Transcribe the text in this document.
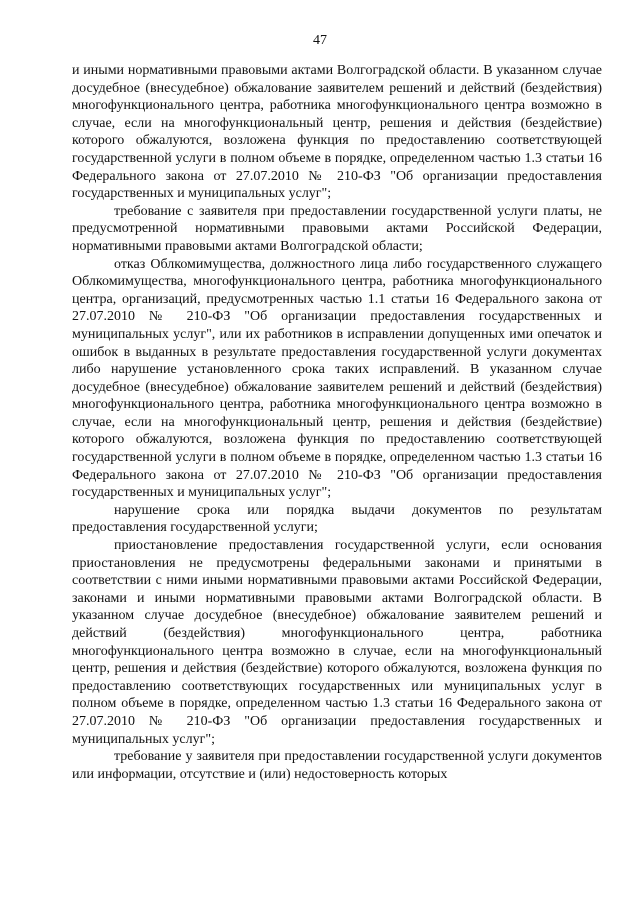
47

и иными нормативными правовыми актами Волгоградской области. В указанном случае досудебное (внесудебное) обжалование заявителем решений и действий (бездействия) многофункционального центра, работника многофункционального центра возможно в случае, если на многофункциональный центр, решения и действия (бездействие) которого обжалуются, возложена функция по предоставлению соответствующей государственной услуги в полном объеме в порядке, определенном частью 1.3 статьи 16 Федерального закона от 27.07.2010 № 210-ФЗ "Об организации предоставления государственных и муниципальных услуг";

требование с заявителя при предоставлении государственной услуги платы, не предусмотренной нормативными правовыми актами Российской Федерации, нормативными правовыми актами Волгоградской области;

отказ Облкомимущества, должностного лица либо государственного служащего Облкомимущества, многофункционального центра, работника многофункционального центра, организаций, предусмотренных частью 1.1 статьи 16 Федерального закона от 27.07.2010 № 210-ФЗ "Об организации предоставления государственных и муниципальных услуг", или их работников в исправлении допущенных ими опечаток и ошибок в выданных в результате предоставления государственной услуги документах либо нарушение установленного срока таких исправлений. В указанном случае досудебное (внесудебное) обжалование заявителем решений и действий (бездействия) многофункционального центра, работника многофункционального центра возможно в случае, если на многофункциональный центр, решения и действия (бездействие) которого обжалуются, возложена функция по предоставлению соответствующей государственной услуги в полном объеме в порядке, определенном частью 1.3 статьи 16 Федерального закона от 27.07.2010 № 210-ФЗ "Об организации предоставления государственных и муниципальных услуг";

нарушение срока или порядка выдачи документов по результатам предоставления государственной услуги;

приостановление предоставления государственной услуги, если основания приостановления не предусмотрены федеральными законами и принятыми в соответствии с ними иными нормативными правовыми актами Российской Федерации, законами и иными нормативными правовыми актами Волгоградской области. В указанном случае досудебное (внесудебное) обжалование заявителем решений и действий (бездействия) многофункционального центра, работника многофункционального центра возможно в случае, если на многофункциональный центр, решения и действия (бездействие) которого обжалуются, возложена функция по предоставлению соответствующих государственных или муниципальных услуг в полном объеме в порядке, определенном частью 1.3 статьи 16 Федерального закона от 27.07.2010 № 210-ФЗ "Об организации предоставления государственных и муниципальных услуг";

требование у заявителя при предоставлении государственной услуги документов или информации, отсутствие и (или) недостоверность которых
